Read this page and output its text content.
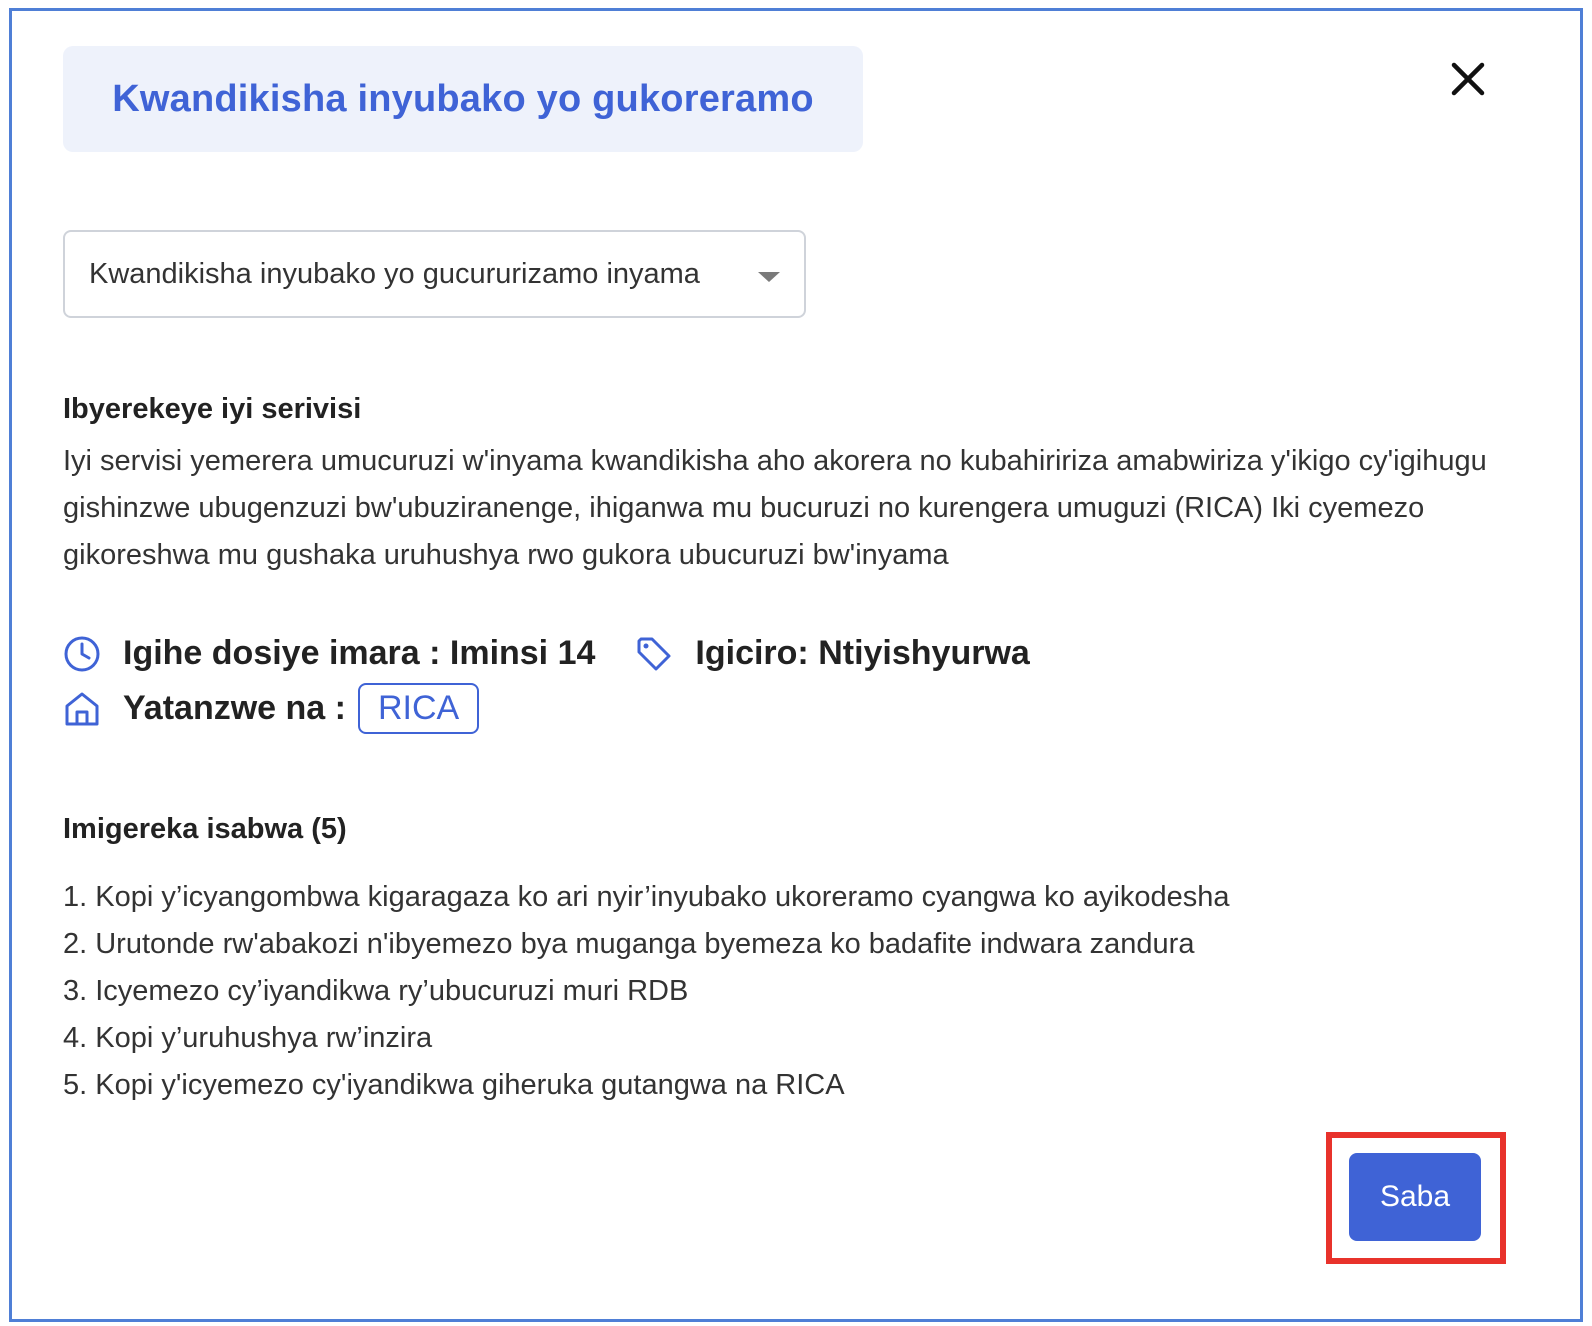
Kwandikisha inyubako yo gukoreramo
Kwandikisha inyubako yo gucururizamo inyama
Ibyerekeye iyi serivisi
Iyi servisi yemerera umucuruzi w'inyama kwandikisha aho akorera no kubahiririza amabwiriza y'ikigo cy'igihugu gishinzwe ubugenzuzi bw'ubuziranenge, ihiganwa mu bucuruzi no kurengera umuguzi (RICA) Iki cyemezo gikoreshwa mu gushaka uruhushya rwo gukora ubucuruzi bw'inyama
Igihe dosiye imara : Iminsi 14	Igiciro: Ntiyishyurwa
Yatanzwe na : RICA
Imigereka isabwa (5)
1. Kopi y’icyangombwa kigaragaza ko ari nyir’inyubako ukoreramo cyangwa ko ayikodesha
2. Urutonde rw'abakozi n'ibyemezo bya muganga byemeza ko badafite indwara zandura
3. Icyemezo cy’iyandikwa ry’ubucuruzi muri RDB
4. Kopi y’uruhushya rw’inzira
5. Kopi y'icyemezo cy'iyandikwa giheruka gutangwa na RICA
Saba
